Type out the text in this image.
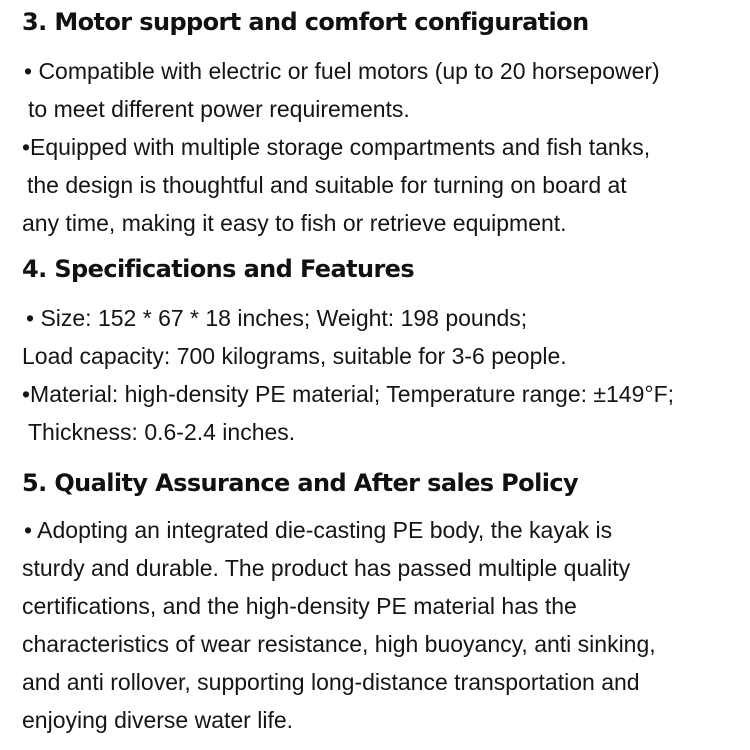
3. Motor support and comfort configuration

• Compatible with electric or fuel motors (up to 20 horsepower)

to meet different power requirements.

•Equipped with multiple storage compartments and fish tanks,

the design is thoughtful and suitable for turning on board at

any time, making it easy to fish or retrieve equipment.

4. Specifications and Features

• Size: 152 * 67 * 18 inches; Weight: 198 pounds;

Load capacity: 700 kilograms, suitable for 3-6 people.

•Material: high-density PE material; Temperature range: ±149°F;

Thickness: 0.6-2.4 inches.

5. Quality Assurance and After sales Policy

• Adopting an integrated die-casting PE body, the kayak is

sturdy and durable. The product has passed multiple quality

certifications, and the high-density PE material has the

characteristics of wear resistance, high buoyancy, anti sinking,

and anti rollover, supporting long-distance transportation and

enjoying diverse water life.
